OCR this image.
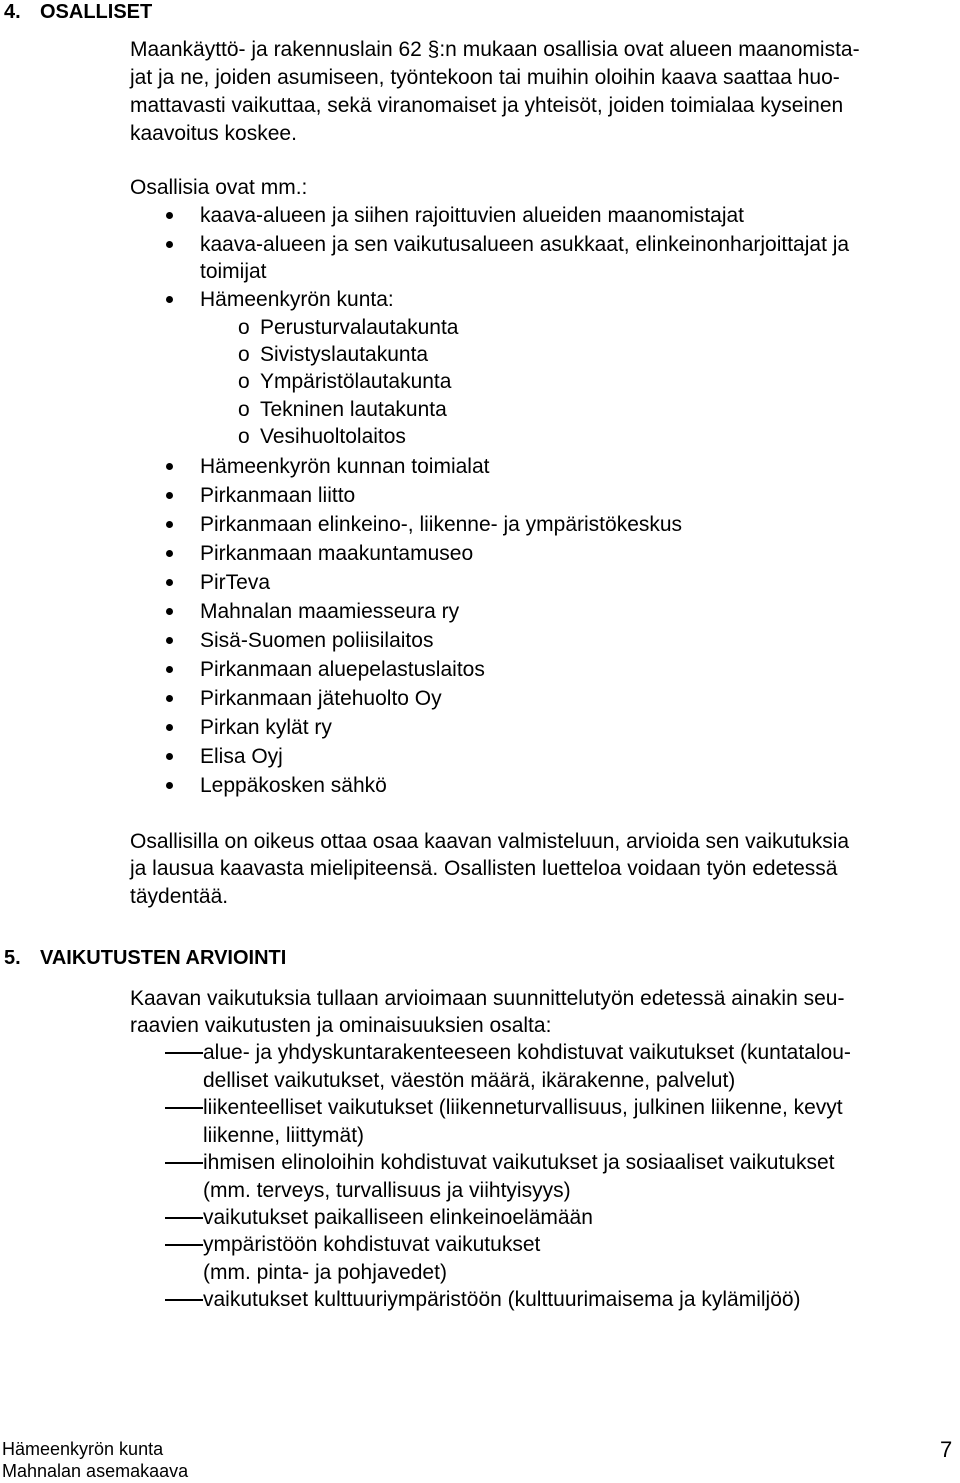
4. OSALLISET
Maankäyttö- ja rakennuslain 62 §:n mukaan osallisia ovat alueen maanomista-
jat ja ne, joiden asumiseen, työntekoon tai muihin oloihin kaava saattaa huo-
mattavasti vaikuttaa, sekä viranomaiset ja yhteisöt, joiden toimialaa kyseinen
kaavoitus koskee.
Osallisia ovat mm.:
kaava-alueen ja siihen rajoittuvien alueiden maanomistajat
kaava-alueen ja sen vaikutusalueen asukkaat, elinkeinonharjoittajat ja
toimijat
Hämeenkyrön kunta:
o Perusturvalautakunta
o Sivistyslautakunta
o Ympäristölautakunta
o Tekninen lautakunta
o Vesihuoltolaitos
Hämeenkyrön kunnan toimialat
Pirkanmaan liitto
Pirkanmaan elinkeino-, liikenne- ja ympäristökeskus
Pirkanmaan maakuntamuseo
PirTeva
Mahnalan maamiesseura ry
Sisä-Suomen poliisilaitos
Pirkanmaan aluepelastuslaitos
Pirkanmaan jätehuolto Oy
Pirkan kylät ry
Elisa Oyj
Leppäkosken sähkö
Osallisilla on oikeus ottaa osaa kaavan valmisteluun, arvioida sen vaikutuksia
ja lausua kaavasta mielipiteensä. Osallisten luetteloa voidaan työn edetessä
täydentää.
5. VAIKUTUSTEN ARVIOINTI
Kaavan vaikutuksia tullaan arvioimaan suunnittelutyön edetessä ainakin seu-
raavien vaikutusten ja ominaisuuksien osalta:
alue- ja yhdyskuntarakenteeseen kohdistuvat vaikutukset (kuntatalou-
delliset vaikutukset, väestön määrä, ikärakenne, palvelut)
liikenteelliset vaikutukset (liikenneturvallisuus, julkinen liikenne, kevyt
liikenne, liittymät)
ihmisen elinoloihin kohdistuvat vaikutukset ja sosiaaliset vaikutukset
(mm. terveys, turvallisuus ja viihtyisyys)
vaikutukset paikalliseen elinkeinoelämään
ympäristöön kohdistuvat vaikutukset
(mm. pinta- ja pohjavedet)
vaikutukset kulttuuriympäristöön (kulttuurimaisema ja kylämiljöö)
Hämeenkyrön kunta
Mahnalan asemakaava
7
